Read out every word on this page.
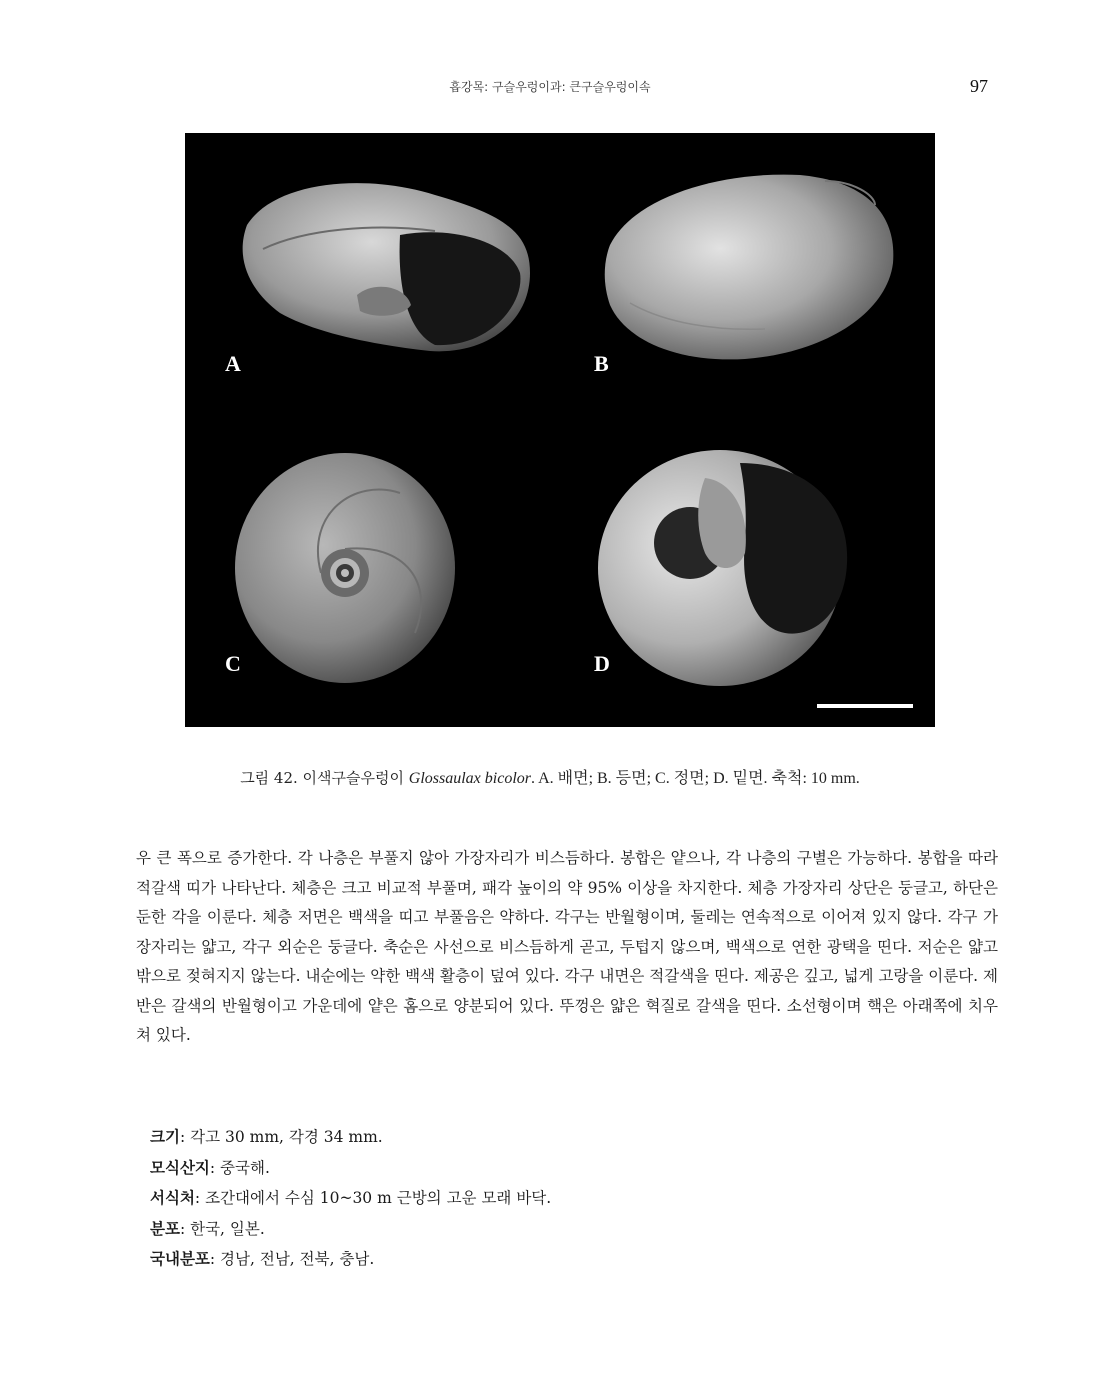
흡강목: 구슬우렁이과: 큰구슬우렁이속	97
A	B
C	D
그림 42. 이색구슬우렁이 Glossaulax bicolor. A. 배면; B. 등면; C. 정면; D. 밑면. 축척: 10 mm.
우 큰 폭으로 증가한다. 각 나층은 부풀지 않아 가장자리가 비스듬하다. 봉합은 얕으나, 각 나층의 구별은 가능하다. 봉합을 따라 적갈색 띠가 나타난다. 체층은 크고 비교적 부풀며, 패각 높이의 약 95% 이상을 차지한다. 체층 가장자리 상단은 둥글고, 하단은 둔한 각을 이룬다. 체층 저면은 백색을 띠고 부풀음은 약하다. 각구는 반월형이며, 둘레는 연속적으로 이어져 있지 않다. 각구 가장자리는 얇고, 각구 외순은 둥글다. 축순은 사선으로 비스듬하게 곧고, 두텁지 않으며, 백색으로 연한 광택을 띤다. 저순은 얇고 밖으로 젖혀지지 않는다. 내순에는 약한 백색 활층이 덮여 있다. 각구 내면은 적갈색을 띤다. 제공은 깊고, 넓게 고랑을 이룬다. 제반은 갈색의 반월형이고 가운데에 얕은 홈으로 양분되어 있다. 뚜껑은 얇은 혁질로 갈색을 띤다. 소선형이며 핵은 아래쪽에 치우쳐 있다.
크기: 각고 30 mm, 각경 34 mm.
모식산지: 중국해.
서식처: 조간대에서 수심 10~30 m 근방의 고운 모래 바닥.
분포: 한국, 일본.
국내분포: 경남, 전남, 전북, 충남.
